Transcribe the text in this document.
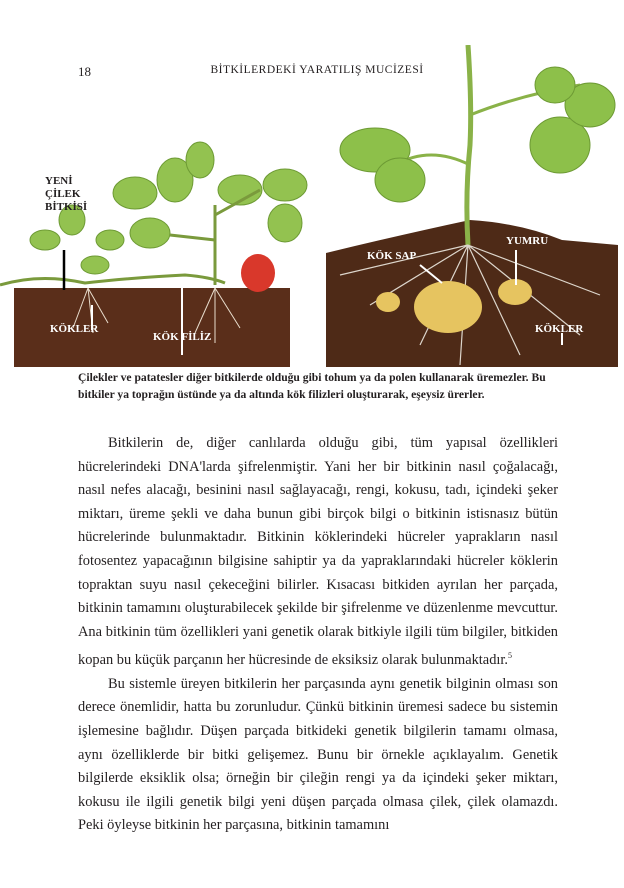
18	BİTKİLERDEKİ YARATILIŞ MUCİZESİ
YENİ ÇİLEK BİTKİSİ
KÖKLER
KÖK FİLİZ
KÖK SAP
YUMRU
KÖKLER
Çilekler ve patatesler diğer bitkilerde olduğu gibi tohum ya da polen kullanarak üremezler. Bu bitkiler ya toprağın üstünde ya da altında kök filizleri oluşturarak, eşeysiz ürerler.

Bitkilerin de, diğer canlılarda olduğu gibi, tüm yapısal özellikleri hücrelerindeki DNA'larda şifrelenmiştir. Yani her bir bitkinin nasıl çoğalacağı, nasıl nefes alacağı, besinini nasıl sağlayacağı, rengi, kokusu, tadı, içindeki şeker miktarı, üreme şekli ve daha bunun gibi birçok bilgi o bitkinin istisnasız bütün hücrelerinde bulunmaktadır. Bitkinin köklerindeki hücreler yaprakların nasıl fotosentez yapacağının bilgisine sahiptir ya da yapraklarındaki hücreler köklerin topraktan suyu nasıl çekeceğini bilirler. Kısacası bitkiden ayrılan her parçada, bitkinin tamamını oluşturabilecek şekilde bir şifrelenme ve düzenlenme mevcuttur. Ana bitkinin tüm özellikleri yani genetik olarak bitkiyle ilgili tüm bilgiler, bitkiden kopan bu küçük parçanın her hücresinde de eksiksiz olarak bulunmaktadır.$^5$

Bu sistemle üreyen bitkilerin her parçasında aynı genetik bilginin olması son derece önemlidir, hatta bu zorunludur. Çünkü bitkinin üremesi sadece bu sistemin işlemesine bağlıdır. Düşen parçada bitkideki genetik bilgilerin tamamı olmasa, aynı özelliklerde bir bitki gelişemez. Bunu bir örnekle açıklayalım. Genetik bilgilerde eksiklik olsa; örneğin bir çileğin rengi ya da içindeki şeker miktarı, kokusu ile ilgili genetik bilgi yeni düşen parçada olmasa çilek, çilek olamazdı. Peki öyleyse bitkinin her parçasına, bitkinin tamamını
